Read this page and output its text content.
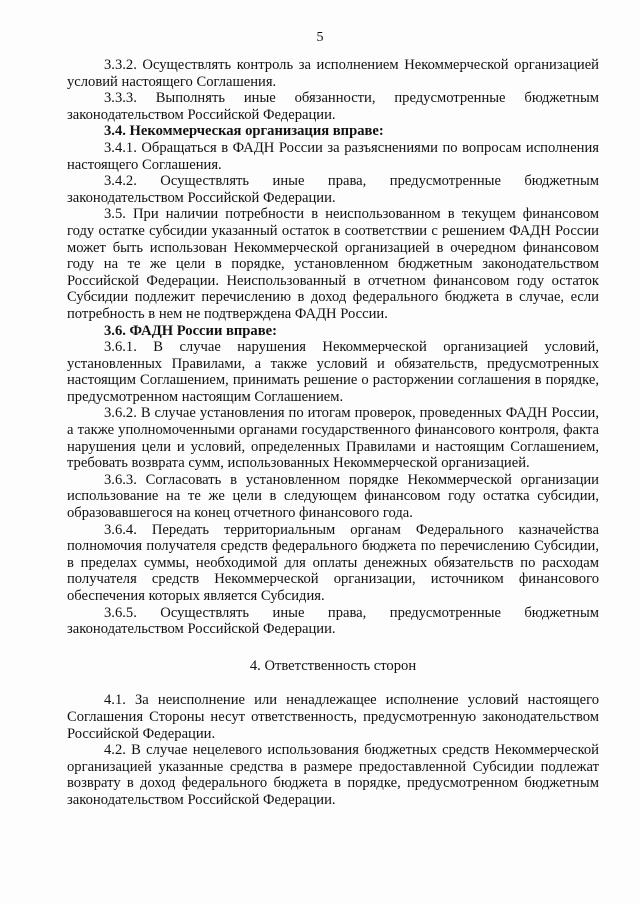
5

3.3.2. Осуществлять контроль за исполнением Некоммерческой организацией условий настоящего Соглашения.

3.3.3. Выполнять иные обязанности, предусмотренные бюджетным законодательством Российской Федерации.

3.4. Некоммерческая организация вправе:

3.4.1. Обращаться в ФАДН России за разъяснениями по вопросам исполнения настоящего Соглашения.

3.4.2. Осуществлять иные права, предусмотренные бюджетным законодательством Российской Федерации.

3.5. При наличии потребности в неиспользованном в текущем финансовом году остатке субсидии указанный остаток в соответствии с решением ФАДН России может быть использован Некоммерческой организацией в очередном финансовом году на те же цели в порядке, установленном бюджетным законодательством Российской Федерации. Неиспользованный в отчетном финансовом году остаток Субсидии подлежит перечислению в доход федерального бюджета в случае, если потребность в нем не подтверждена ФАДН России.

3.6. ФАДН России вправе:

3.6.1. В случае нарушения Некоммерческой организацией условий, установленных Правилами, а также условий и обязательств, предусмотренных настоящим Соглашением, принимать решение о расторжении соглашения в порядке, предусмотренном настоящим Соглашением.

3.6.2. В случае установления по итогам проверок, проведенных ФАДН России, а также уполномоченными органами государственного финансового контроля, факта нарушения цели и условий, определенных Правилами и настоящим Соглашением, требовать возврата сумм, использованных Некоммерческой организацией.

3.6.3. Согласовать в установленном порядке Некоммерческой организации использование на те же цели в следующем финансовом году остатка субсидии, образовавшегося на конец отчетного финансового года.

3.6.4. Передать территориальным органам Федерального казначейства полномочия получателя средств федерального бюджета по перечислению Субсидии, в пределах суммы, необходимой для оплаты денежных обязательств по расходам получателя средств Некоммерческой организации, источником финансового обеспечения которых является Субсидия.

3.6.5. Осуществлять иные права, предусмотренные бюджетным законодательством Российской Федерации.

4. Ответственность сторон

4.1. За неисполнение или ненадлежащее исполнение условий настоящего Соглашения Стороны несут ответственность, предусмотренную законодательством Российской Федерации.

4.2. В случае нецелевого использования бюджетных средств Некоммерческой организацией указанные средства в размере предоставленной Субсидии подлежат возврату в доход федерального бюджета в порядке, предусмотренном бюджетным законодательством Российской Федерации.
